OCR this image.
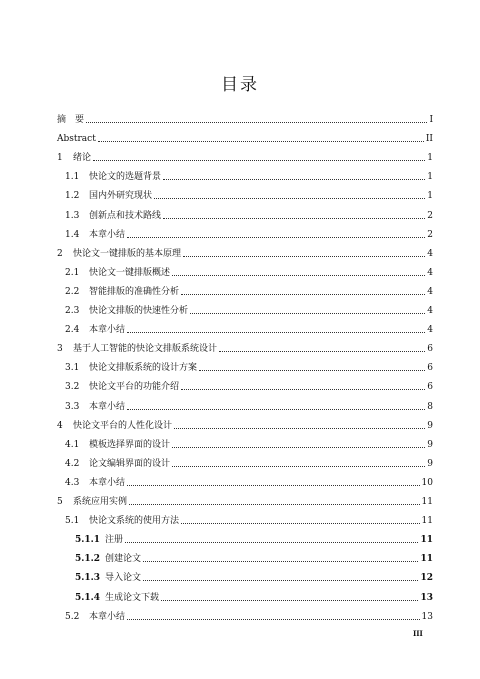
目录
摘　要	I
Abstract	II
1	绪论	1
1.1	快论文的选题背景	1
1.2	国内外研究现状	1
1.3	创新点和技术路线	2
1.4	本章小结	2
2	快论文一键排版的基本原理	4
2.1	快论文一键排版概述	4
2.2	智能排版的准确性分析	4
2.3	快论文排版的快速性分析	4
2.4	本章小结	4
3	基于人工智能的快论文排版系统设计	6
3.1	快论文排版系统的设计方案	6
3.2	快论文平台的功能介绍	6
3.3	本章小结	8
4	快论文平台的人性化设计	9
4.1	模板选择界面的设计	9
4.2	论文编辑界面的设计	9
4.3	本章小结	10
5	系统应用实例	11
5.1	快论文系统的使用方法	11
5.1.1 注册	11
5.1.2 创建论文	11
5.1.3 导入论文	12
5.1.4 生成论文下载	13
5.2	本章小结	13
III
